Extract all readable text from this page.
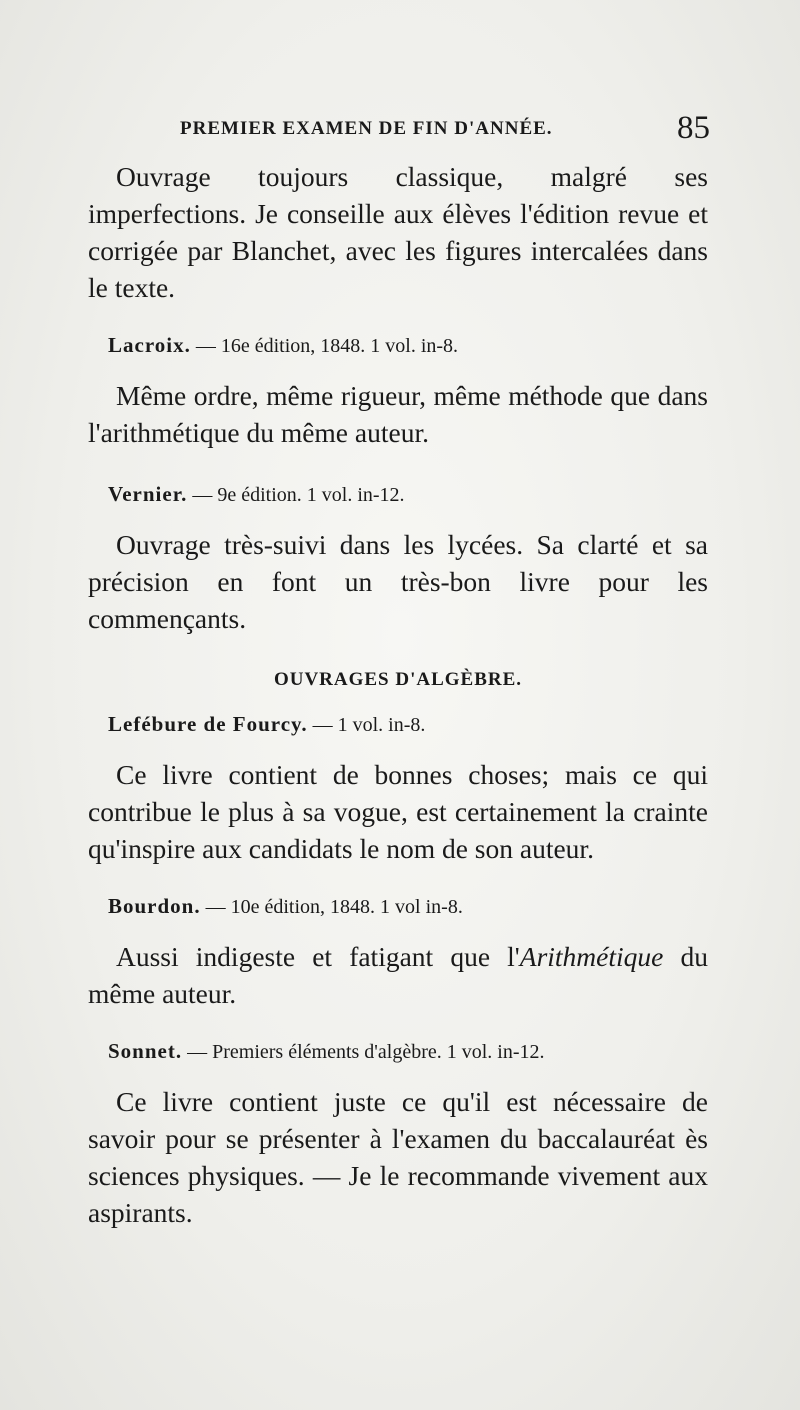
PREMIER EXAMEN DE FIN D'ANNÉE.	85

Ouvrage toujours classique, malgré ses imperfections. Je conseille aux élèves l'édition revue et corrigée par Blanchet, avec les figures intercalées dans le texte.

Lacroix. — 16e édition, 1848. 1 vol. in-8.

Même ordre, même rigueur, même méthode que dans l'arithmétique du même auteur.

Vernier. — 9e édition. 1 vol. in-12.

Ouvrage très-suivi dans les lycées. Sa clarté et sa précision en font un très-bon livre pour les commençants.

OUVRAGES D'ALGÈBRE.
Lefébure de Fourcy. — 1 vol. in-8.

Ce livre contient de bonnes choses; mais ce qui contribue le plus à sa vogue, est certainement la crainte qu'inspire aux candidats le nom de son auteur.

Bourdon. — 10e édition, 1848. 1 vol in-8.

Aussi indigeste et fatigant que l'Arithmétique du même auteur.

Sonnet. — Premiers éléments d'algèbre. 1 vol. in-12.

Ce livre contient juste ce qu'il est nécessaire de savoir pour se présenter à l'examen du baccalauréat ès sciences physiques. — Je le recommande vivement aux aspirants.
